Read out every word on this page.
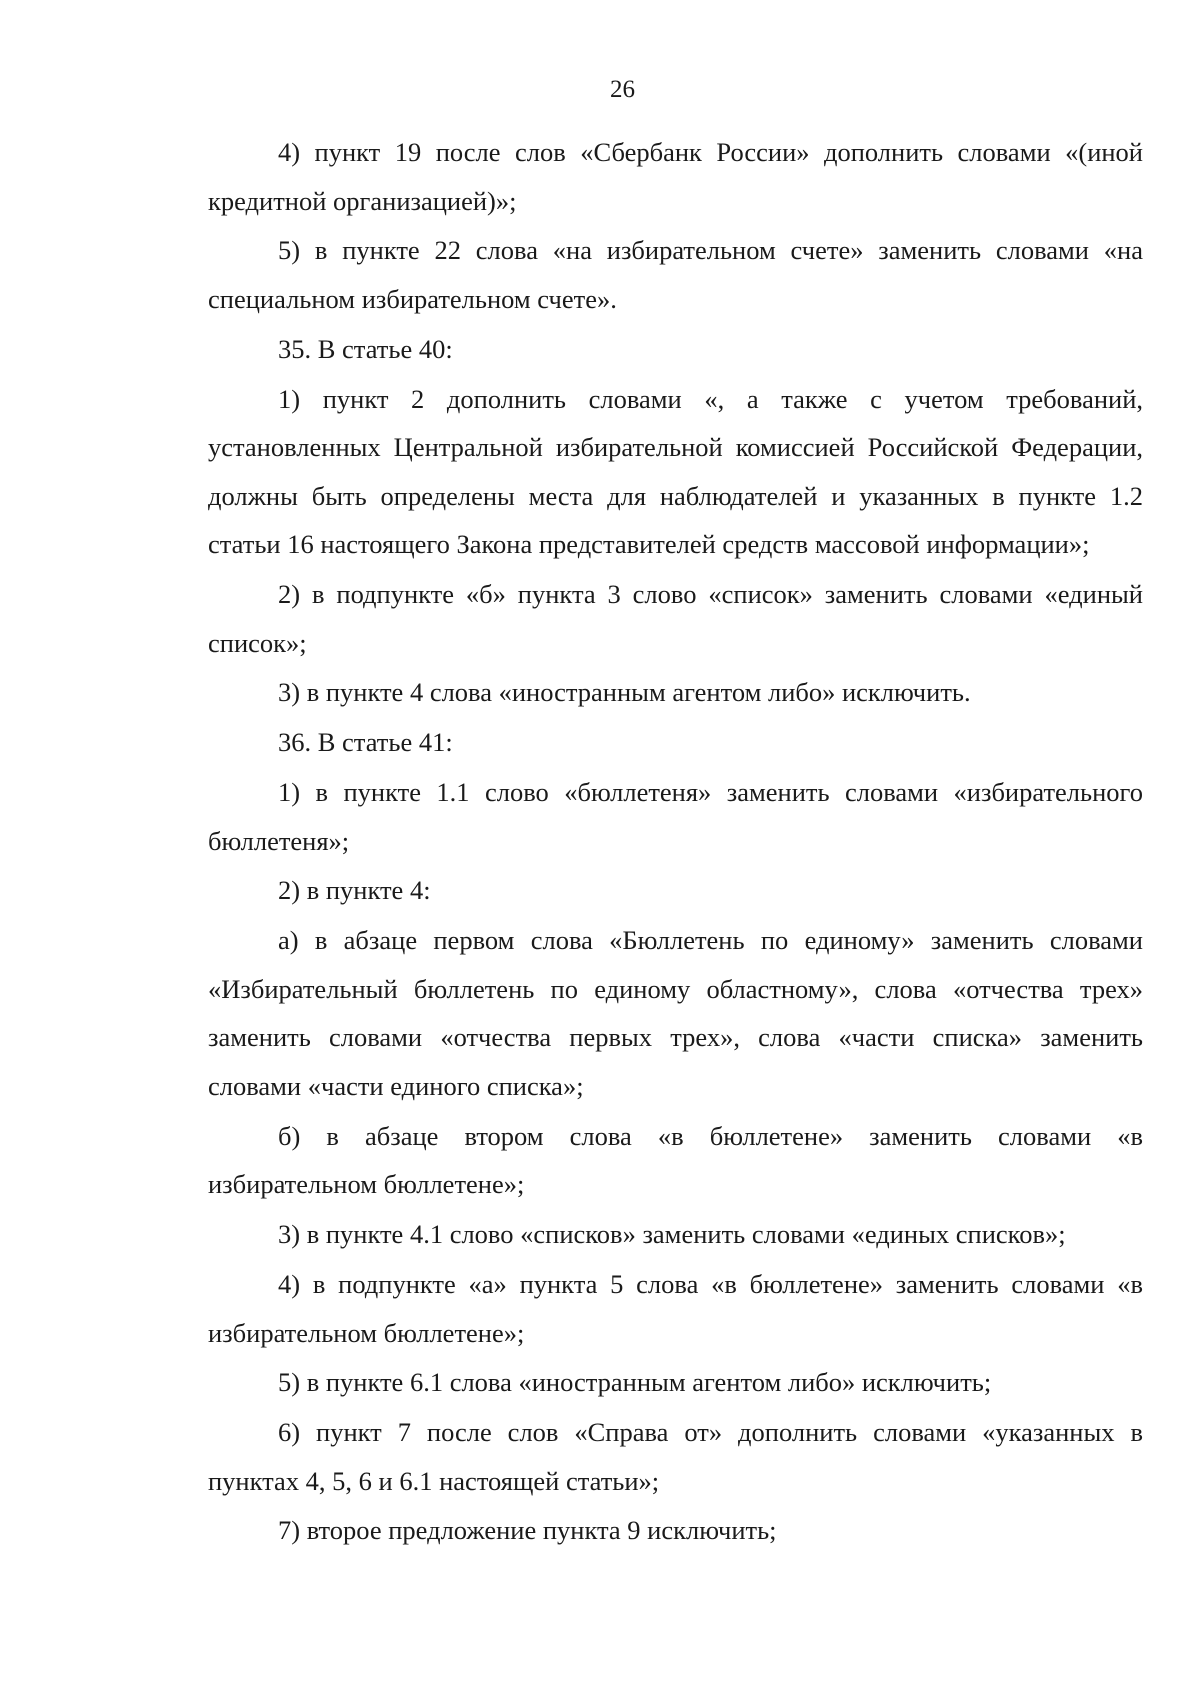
26

4) пункт 19 после слов «Сбербанк России» дополнить словами «(иной кредитной организацией)»;

5) в пункте 22 слова «на избирательном счете» заменить словами «на специальном избирательном счете».

35. В статье 40:

1) пункт 2 дополнить словами «, а также с учетом требований, установленных Центральной избирательной комиссией Российской Федерации, должны быть определены места для наблюдателей и указанных в пункте 1.2 статьи 16 настоящего Закона представителей средств массовой информации»;

2) в подпункте «б» пункта 3 слово «список» заменить словами «единый список»;

3) в пункте 4 слова «иностранным агентом либо» исключить.

36. В статье 41:

1) в пункте 1.1 слово «бюллетеня» заменить словами «избирательного бюллетеня»;

2) в пункте 4:

а) в абзаце первом слова «Бюллетень по единому» заменить словами «Избирательный бюллетень по единому областному», слова «отчества трех» заменить словами «отчества первых трех», слова «части списка» заменить словами «части единого списка»;

б) в абзаце втором слова «в бюллетене» заменить словами «в избирательном бюллетене»;

3) в пункте 4.1 слово «списков» заменить словами «единых списков»;

4) в подпункте «а» пункта 5 слова «в бюллетене» заменить словами «в избирательном бюллетене»;

5) в пункте 6.1 слова «иностранным агентом либо» исключить;

6) пункт 7 после слов «Справа от» дополнить словами «указанных в пунктах 4, 5, 6 и 6.1 настоящей статьи»;

7) второе предложение пункта 9 исключить;
